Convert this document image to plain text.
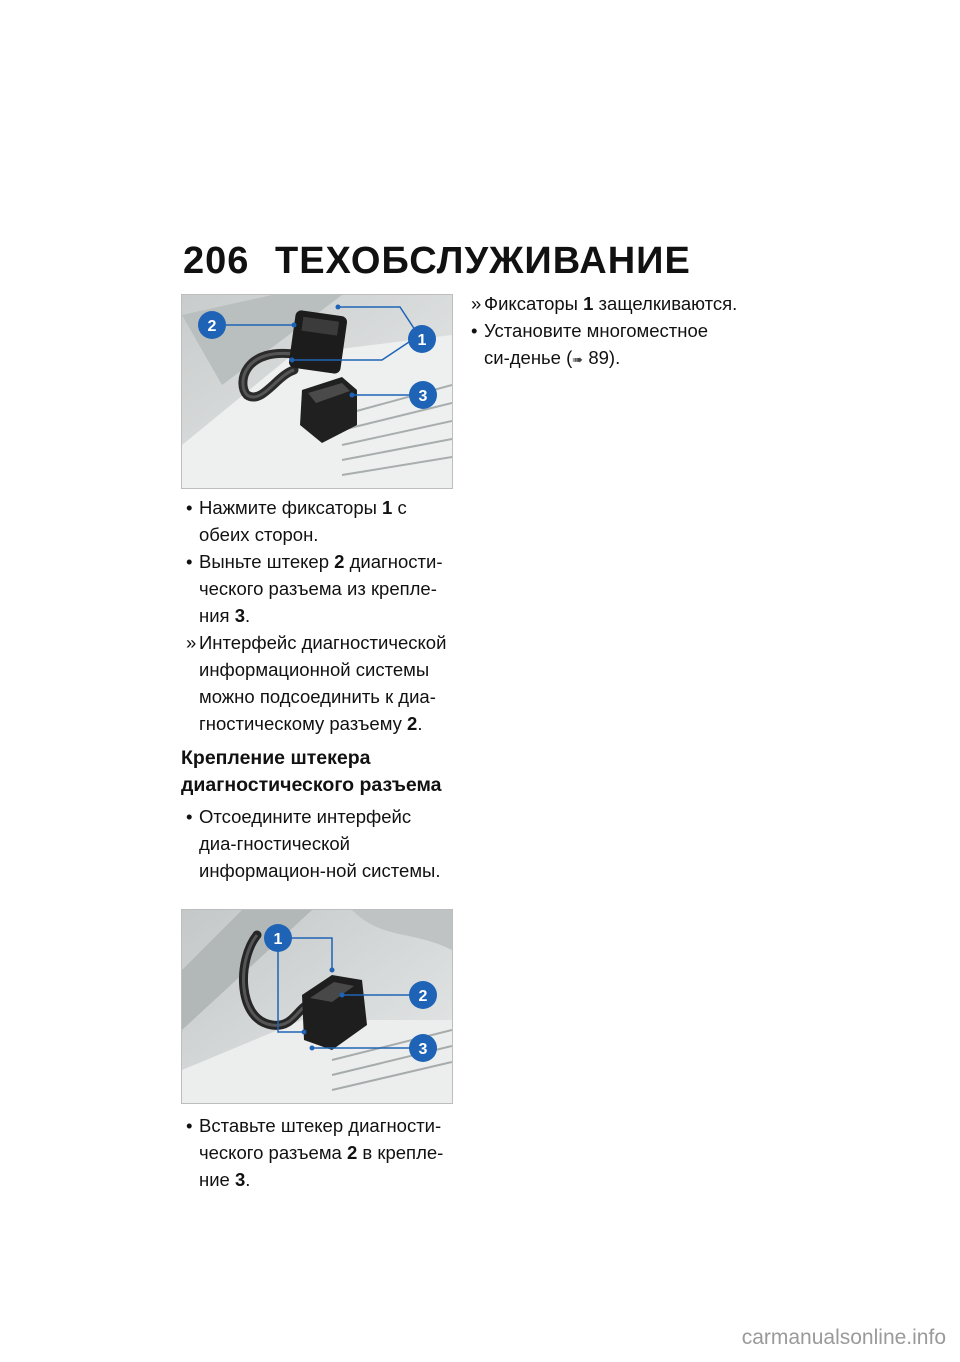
206 ТЕХОБСЛУЖИВАНИЕ
2
1
3

• Нажмите фиксаторы 1 с обеих сторон.

• Выньте штекер 2 диагности-ческого разъема из крепле-ния 3.

» Интерфейс диагностической информационной системы можно подсоединить к диа-гностическому разъему 2.

Крепление штекера диагностического разъема

• Отсоедините интерфейс диа-гностической информацион-ной системы.

1
2
3

• Вставьте штекер диагности-ческого разъема 2 в крепле-ние 3.

» Фиксаторы 1 защелкиваются.

• Установите многоместное си-денье (➠ 89).

carmanualsonline.info
